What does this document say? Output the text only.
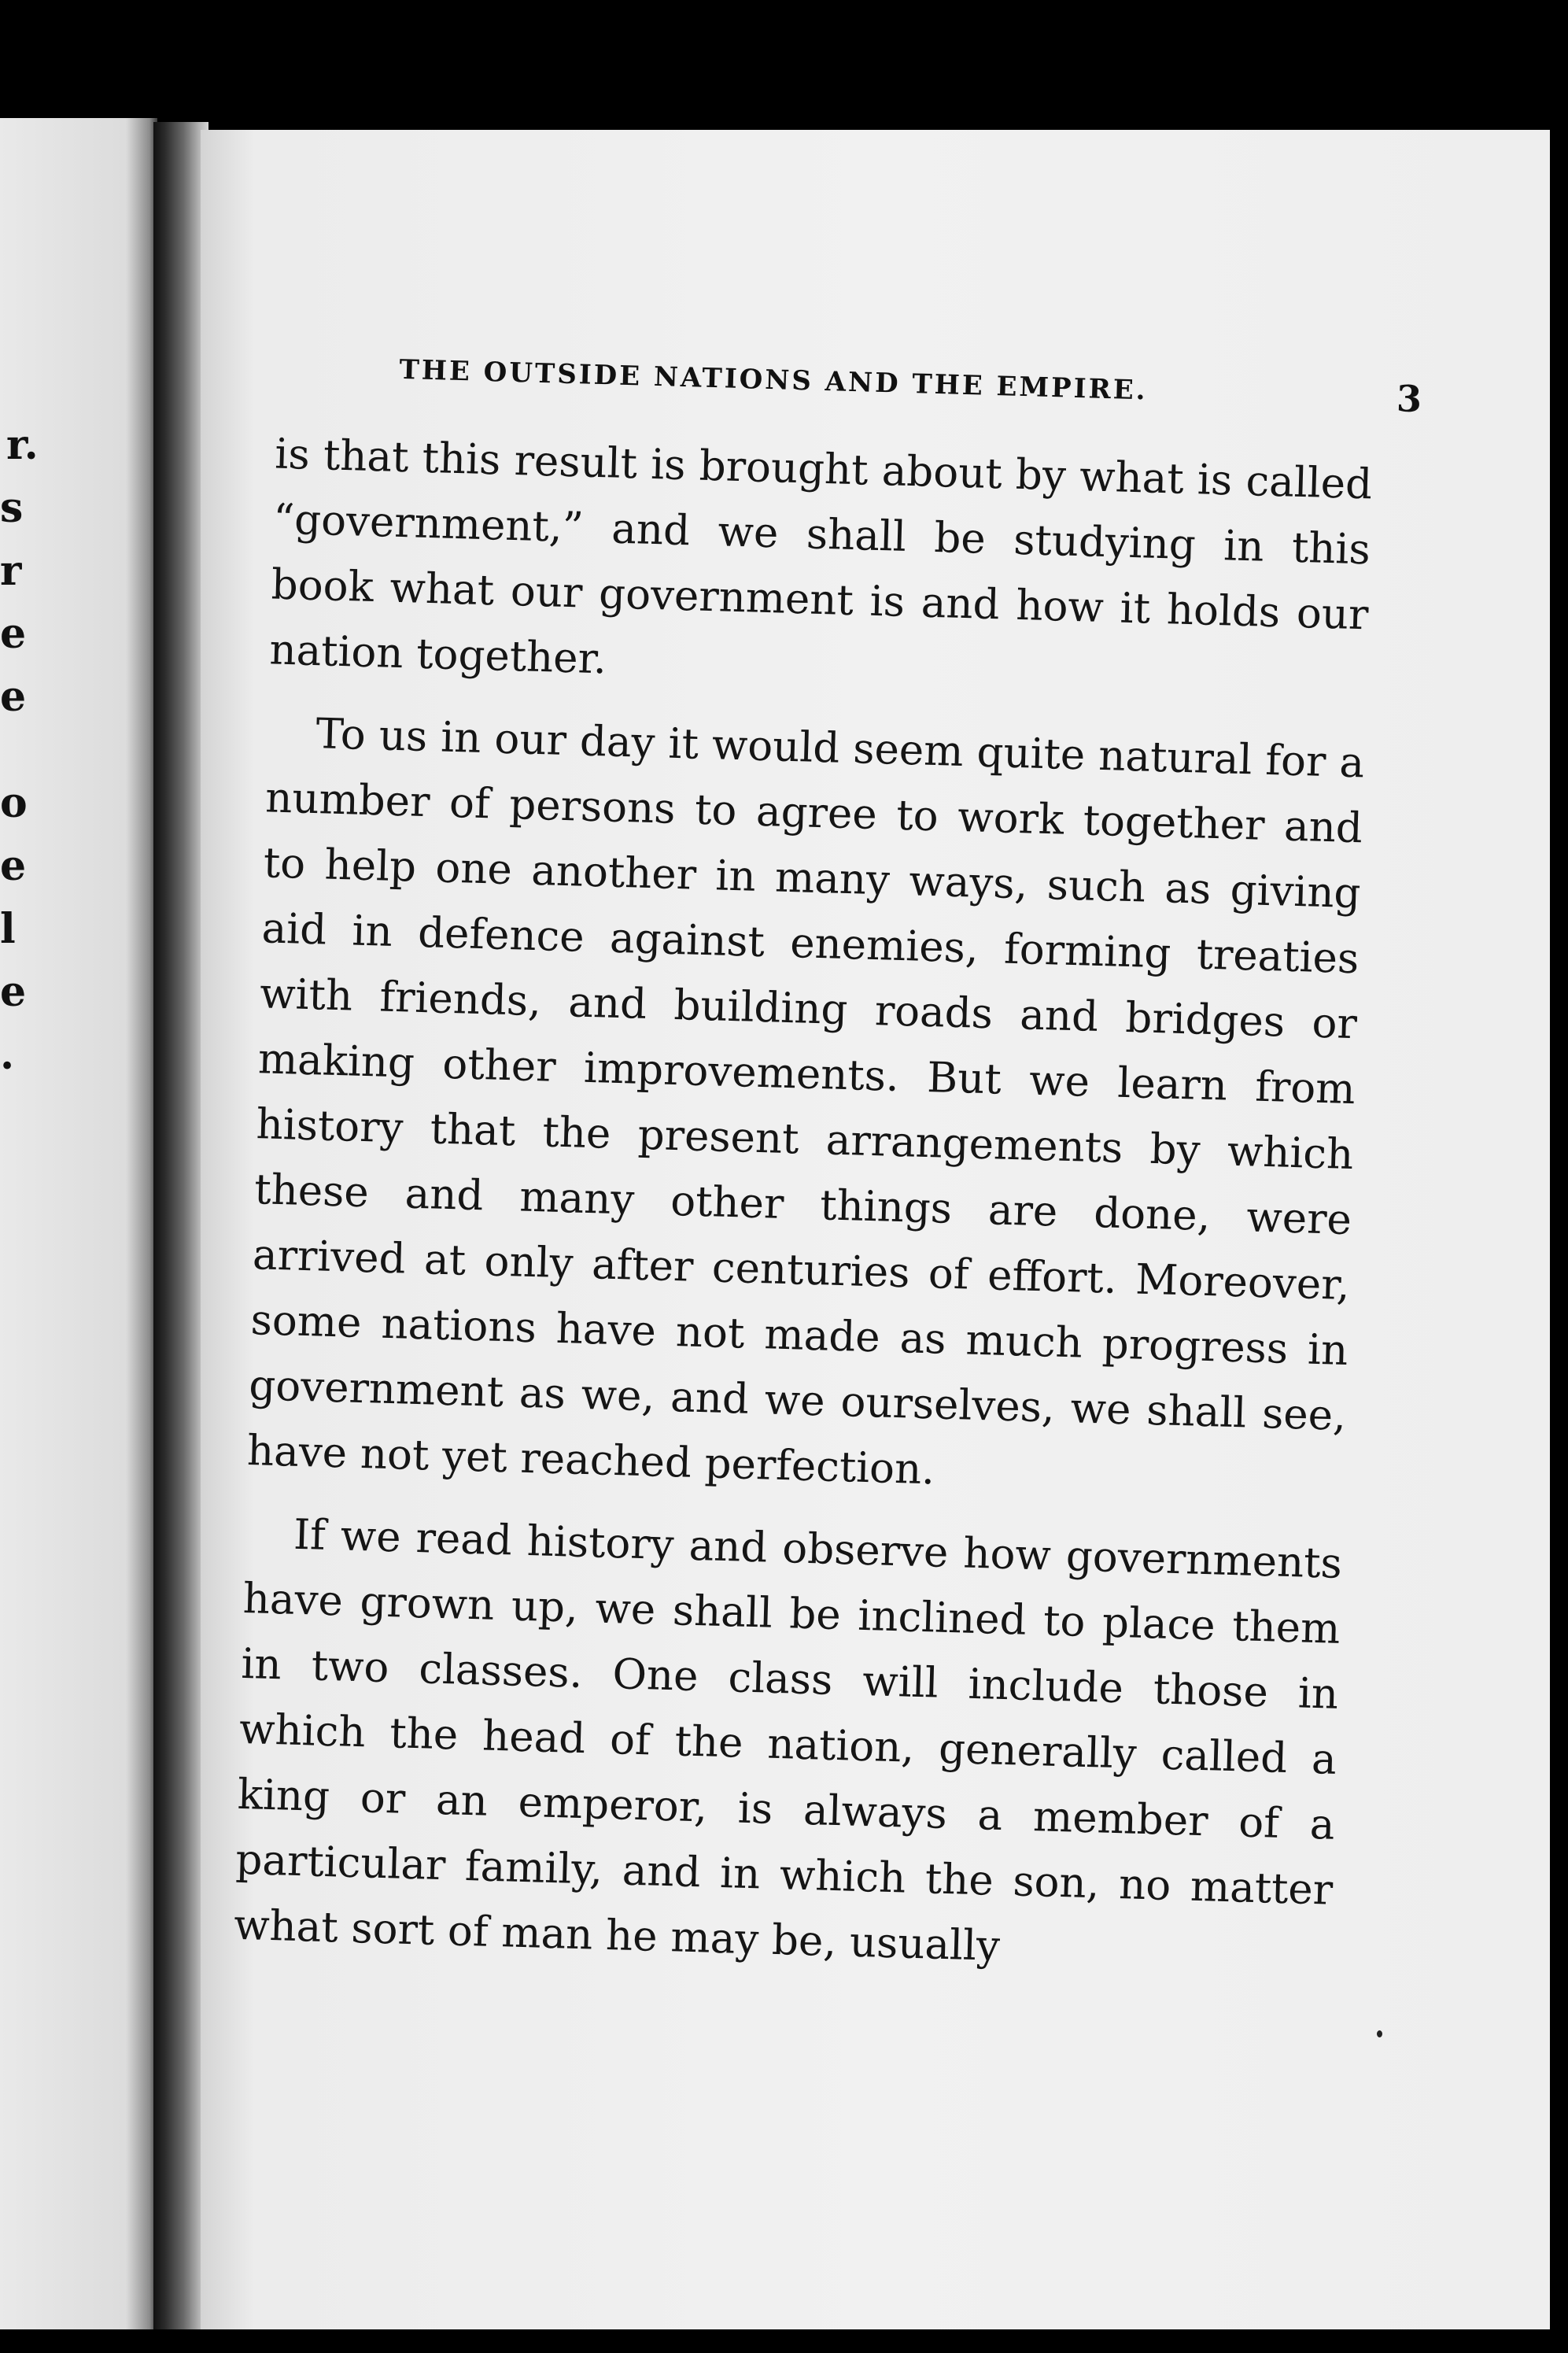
r.
s
r
e
e
o
e
l
e
.
THE OUTSIDE NATIONS AND THE EMPIRE.	3

is that this result is brought about by what is called “government,” and we shall be studying in this book what our government is and how it holds our nation together.

To us in our day it would seem quite natural for a number of persons to agree to work together and to help one another in many ways, such as giving aid in defence against enemies, forming treaties with friends, and building roads and bridges or making other improvements. But we learn from history that the present arrangements by which these and many other things are done, were arrived at only after centuries of effort. Moreover, some nations have not made as much progress in government as we, and we ourselves, we shall see, have not yet reached perfection.

If we read history and observe how governments have grown up, we shall be inclined to place them in two classes. One class will include those in which the head of the nation, generally called a king or an emperor, is always a member of a particular family, and in which the son, no matter what sort of man he may be, usually
